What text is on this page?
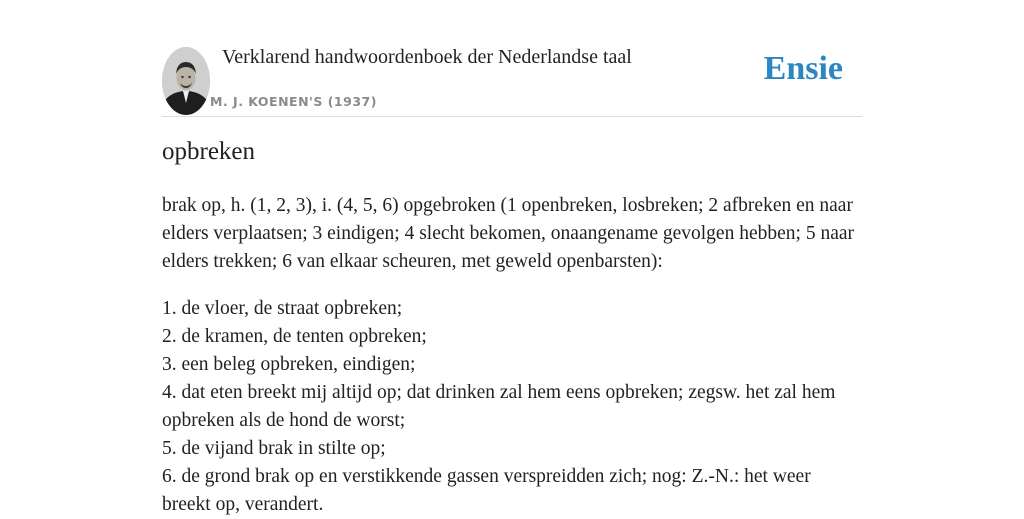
Verklarend handwoordenboek der Nederlandse taal
M. J. KOENEN'S (1937)
Ensie
opbreken

brak op, h. (1, 2, 3), i. (4, 5, 6) opgebroken (1 openbreken, losbreken; 2 afbreken en naar elders verplaatsen; 3 eindigen; 4 slecht bekomen, onaangename gevolgen hebben; 5 naar elders trekken; 6 van elkaar scheuren, met geweld openbarsten):

1. de vloer, de straat opbreken;
2. de kramen, de tenten opbreken;
3. een beleg opbreken, eindigen;
4. dat eten breekt mij altijd op; dat drinken zal hem eens opbreken; zegsw. het zal hem opbreken als de hond de worst;
5. de vijand brak in stilte op;
6. de grond brak op en verstikkende gassen verspreidden zich; nog: Z.-N.: het weer breekt op, verandert.
